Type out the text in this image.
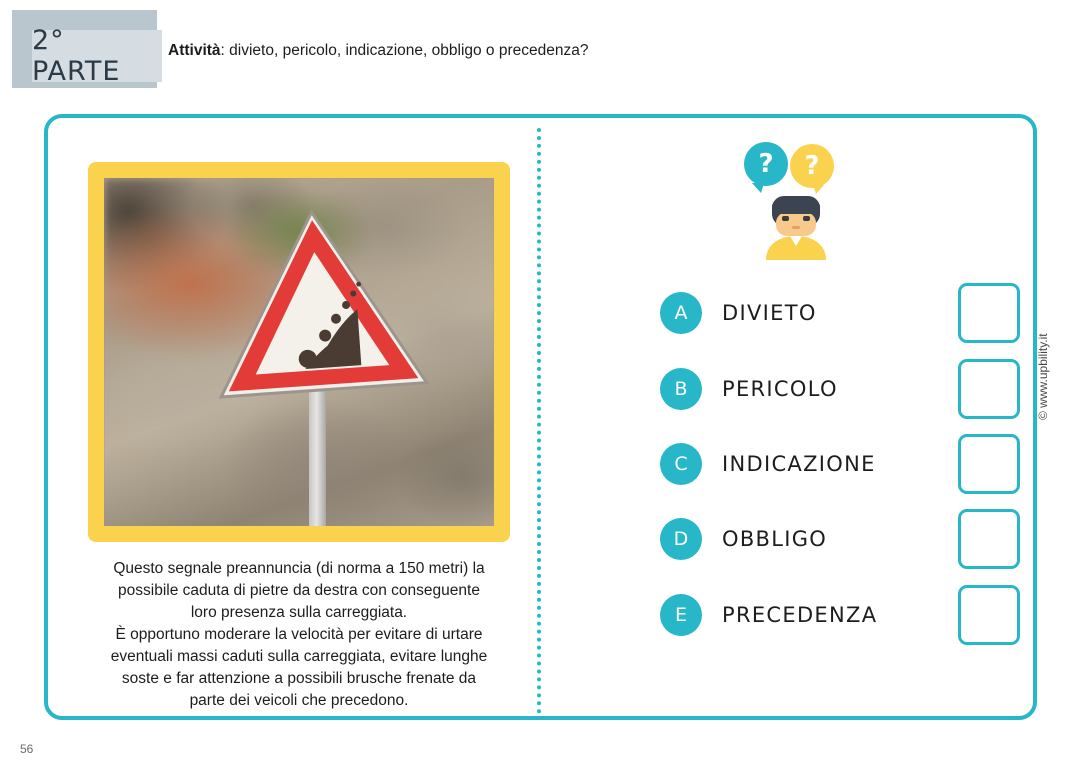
2° PARTE
Attività: divieto, pericolo, indicazione, obbligo o precedenza?
Questo segnale preannuncia (di norma a 150 metri) la
possibile caduta di pietre da destra con conseguente
loro presenza sulla carreggiata.
È opportuno moderare la velocità per evitare di urtare
eventuali massi caduti sulla carreggiata, evitare lunghe
soste e far attenzione a possibili brusche frenate da
parte dei veicoli che precedono.
? ?
A	DIVIETO
B	PERICOLO
C	INDICAZIONE
D	OBBLIGO
E	PRECEDENZA
56
© www.upbility.it
